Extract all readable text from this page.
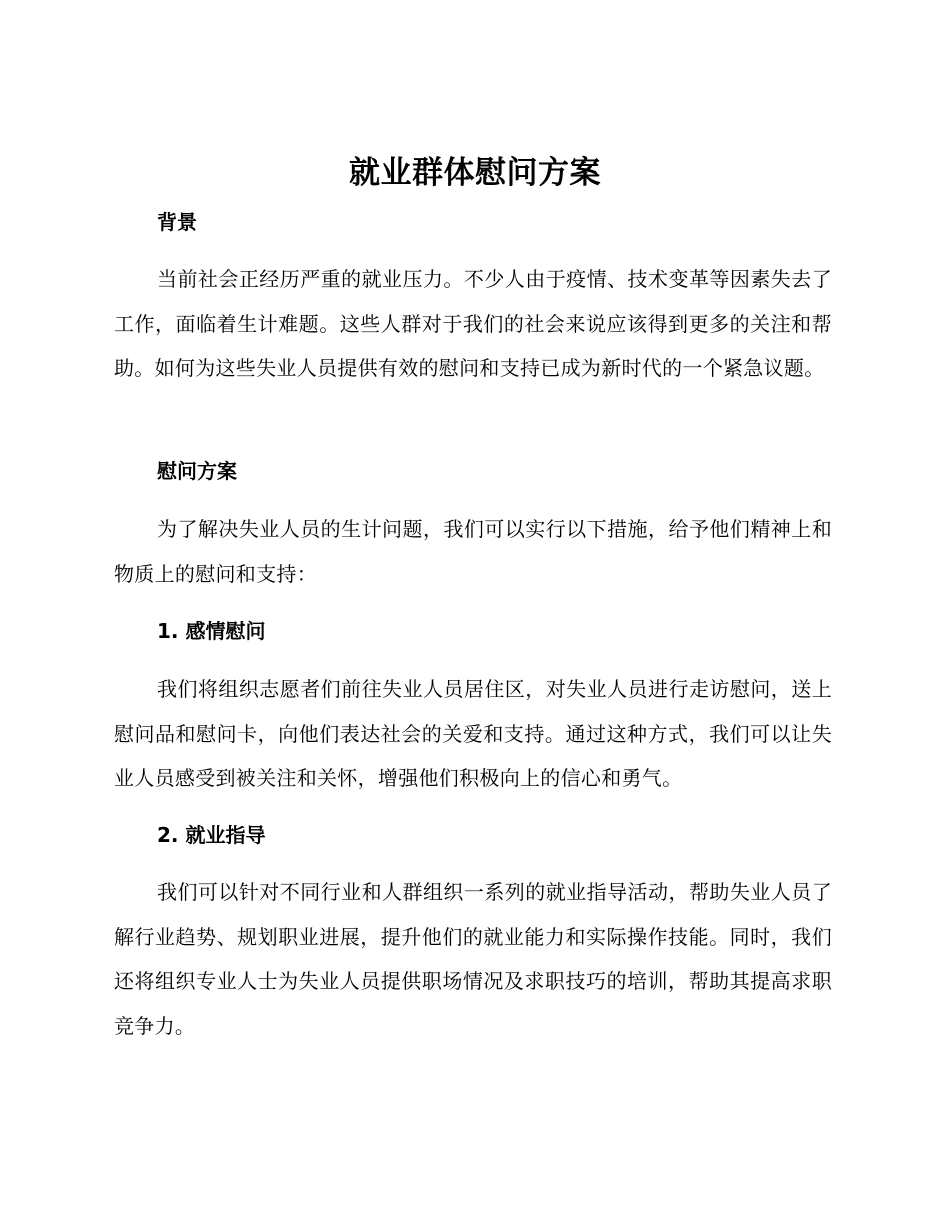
就业群体慰问方案
背景
当前社会正经历严重的就业压力。不少人由于疫情、技术变革等因素失去了工作，面临着生计难题。这些人群对于我们的社会来说应该得到更多的关注和帮助。如何为这些失业人员提供有效的慰问和支持已成为新时代的一个紧急议题。
慰问方案
为了解决失业人员的生计问题，我们可以实行以下措施，给予他们精神上和物质上的慰问和支持：
1. 感情慰问
我们将组织志愿者们前往失业人员居住区，对失业人员进行走访慰问，送上慰问品和慰问卡，向他们表达社会的关爱和支持。通过这种方式，我们可以让失业人员感受到被关注和关怀，增强他们积极向上的信心和勇气。
2. 就业指导
我们可以针对不同行业和人群组织一系列的就业指导活动，帮助失业人员了解行业趋势、规划职业进展，提升他们的就业能力和实际操作技能。同时，我们还将组织专业人士为失业人员提供职场情况及求职技巧的培训，帮助其提高求职竞争力。
